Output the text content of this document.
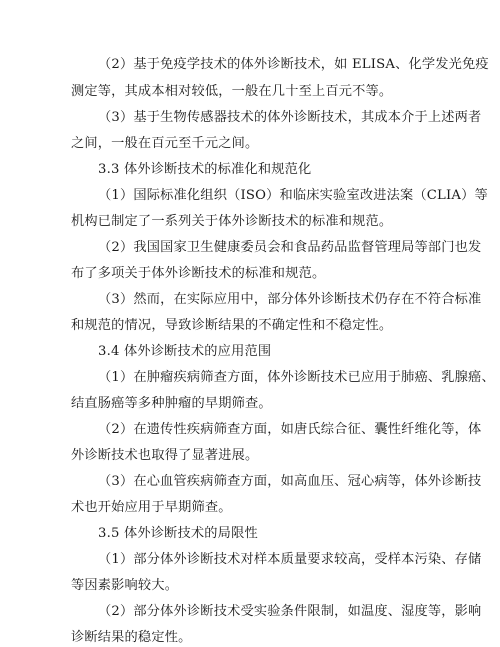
（2）基于免疫学技术的体外诊断技术，如 ELISA、化学发光免疫
测定等，其成本相对较低，一般在几十至上百元不等。
（3）基于生物传感器技术的体外诊断技术，其成本介于上述两者
之间，一般在百元至千元之间。
3.3 体外诊断技术的标准化和规范化
（1）国际标准化组织（ISO）和临床实验室改进法案（CLIA）等
机构已制定了一系列关于体外诊断技术的标准和规范。
（2）我国国家卫生健康委员会和食品药品监督管理局等部门也发
布了多项关于体外诊断技术的标准和规范。
（3）然而，在实际应用中，部分体外诊断技术仍存在不符合标准
和规范的情况，导致诊断结果的不确定性和不稳定性。
3.4 体外诊断技术的应用范围
（1）在肿瘤疾病筛查方面，体外诊断技术已应用于肺癌、乳腺癌、
结直肠癌等多种肿瘤的早期筛查。
（2）在遗传性疾病筛查方面，如唐氏综合征、囊性纤维化等，体
外诊断技术也取得了显著进展。
（3）在心血管疾病筛查方面，如高血压、冠心病等，体外诊断技
术也开始应用于早期筛查。
3.5 体外诊断技术的局限性
（1）部分体外诊断技术对样本质量要求较高，受样本污染、存储
等因素影响较大。
（2）部分体外诊断技术受实验条件限制，如温度、湿度等，影响
诊断结果的稳定性。
